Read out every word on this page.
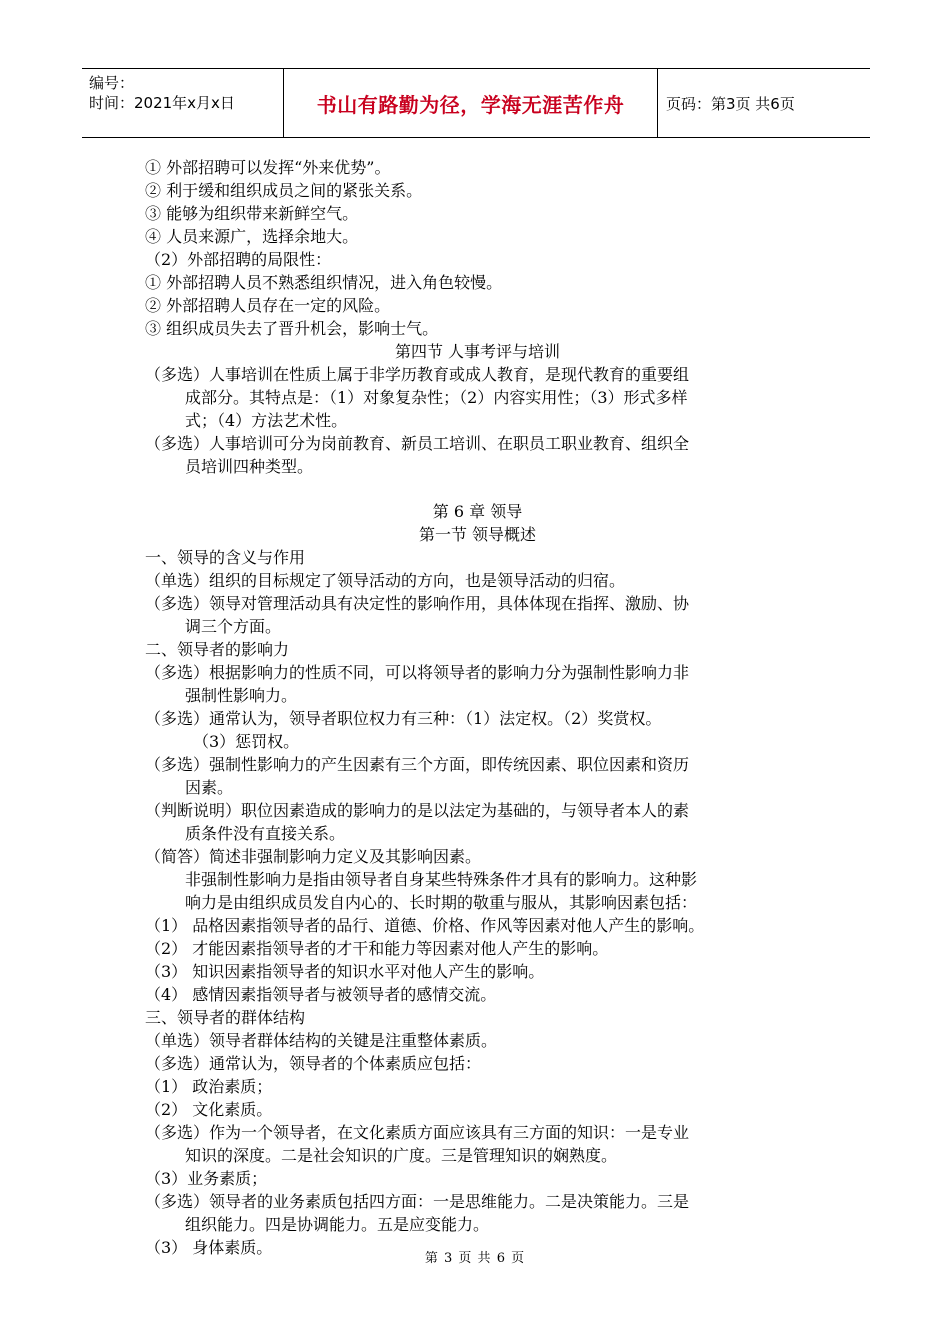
编号：
时间：2021年x月x日	书山有路勤为径，学海无涯苦作舟	页码：第3页 共6页
① 外部招聘可以发挥“外来优势”。
② 利于缓和组织成员之间的紧张关系。
③ 能够为组织带来新鲜空气。
④ 人员来源广，选择余地大。
（2）外部招聘的局限性：
① 外部招聘人员不熟悉组织情况，进入角色较慢。
② 外部招聘人员存在一定的风险。
③ 组织成员失去了晋升机会，影响士气。
第四节 人事考评与培训
（多选）人事培训在性质上属于非学历教育或成人教育，是现代教育的重要组
成部分。其特点是：（1）对象复杂性；（2）内容实用性；（3）形式多样
式；（4）方法艺术性。
（多选）人事培训可分为岗前教育、新员工培训、在职员工职业教育、组织全
员培训四种类型。
第 6 章 领导
第一节 领导概述
一、领导的含义与作用
（单选）组织的目标规定了领导活动的方向，也是领导活动的归宿。
（多选）领导对管理活动具有决定性的影响作用，具体体现在指挥、激励、协
调三个方面。
二、领导者的影响力
（多选）根据影响力的性质不同，可以将领导者的影响力分为强制性影响力非
强制性影响力。
（多选）通常认为，领导者职位权力有三种：（1）法定权。（2）奖赏权。
（3）惩罚权。
（多选）强制性影响力的产生因素有三个方面，即传统因素、职位因素和资历
因素。
（判断说明）职位因素造成的影响力的是以法定为基础的，与领导者本人的素
质条件没有直接关系。
（简答）简述非强制影响力定义及其影响因素。
非强制性影响力是指由领导者自身某些特殊条件才具有的影响力。这种影
响力是由组织成员发自内心的、长时期的敬重与服从，其影响因素包括：
（1） 品格因素指领导者的品行、道德、价格、作风等因素对他人产生的影响。
（2） 才能因素指领导者的才干和能力等因素对他人产生的影响。
（3） 知识因素指领导者的知识水平对他人产生的影响。
（4） 感情因素指领导者与被领导者的感情交流。
三、领导者的群体结构
（单选）领导者群体结构的关键是注重整体素质。
（多选）通常认为，领导者的个体素质应包括：
（1） 政治素质；
（2） 文化素质。
（多选）作为一个领导者，在文化素质方面应该具有三方面的知识：一是专业
知识的深度。二是社会知识的广度。三是管理知识的娴熟度。
（3）业务素质；
（多选）领导者的业务素质包括四方面：一是思维能力。二是决策能力。三是
组织能力。四是协调能力。五是应变能力。
（3） 身体素质。
第 3 页 共 6 页
